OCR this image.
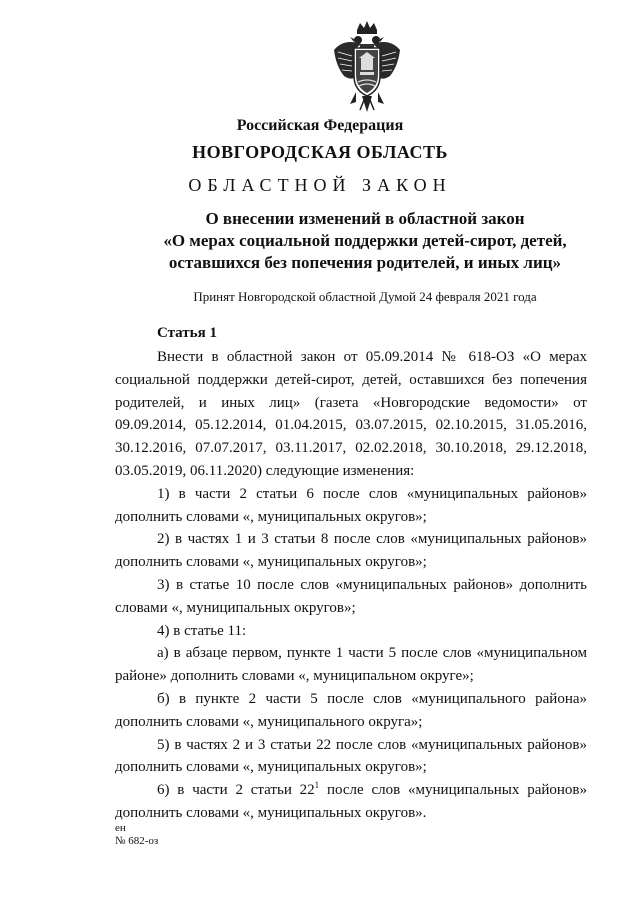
Российская Федерация
НОВГОРОДСКАЯ ОБЛАСТЬ
ОБЛАСТНОЙ ЗАКОН
О внесении изменений в областной закон
«О мерах социальной поддержки детей-сирот, детей,
оставшихся без попечения родителей, и иных лиц»
Принят Новгородской областной Думой 24 февраля 2021 года
Статья 1

Внести в областной закон от 05.09.2014 № 618-ОЗ «О мерах социальной поддержки детей-сирот, детей, оставшихся без попечения родителей, и иных лиц» (газета «Новгородские ведомости» от 09.09.2014, 05.12.2014, 01.04.2015, 03.07.2015, 02.10.2015, 31.05.2016, 30.12.2016, 07.07.2017, 03.11.2017, 02.02.2018, 30.10.2018, 29.12.2018, 03.05.2019, 06.11.2020) следующие изменения:

1) в части 2 статьи 6 после слов «муниципальных районов» дополнить словами «, муниципальных округов»;

2) в частях 1 и 3 статьи 8 после слов «муниципальных районов» дополнить словами «, муниципальных округов»;

3) в статье 10 после слов «муниципальных районов» дополнить словами «, муниципальных округов»;

4) в статье 11:

а) в абзаце первом, пункте 1 части 5 после слов «муниципальном районе» дополнить словами «, муниципальном округе»;

б) в пункте 2 части 5 после слов «муниципального района» дополнить словами «, муниципального округа»;

5) в частях 2 и 3 статьи 22 после слов «муниципальных районов» дополнить словами «, муниципальных округов»;

6) в части 2 статьи $22^1$ после слов «муниципальных районов» дополнить словами «, муниципальных округов».

ен
№ 682-оз
